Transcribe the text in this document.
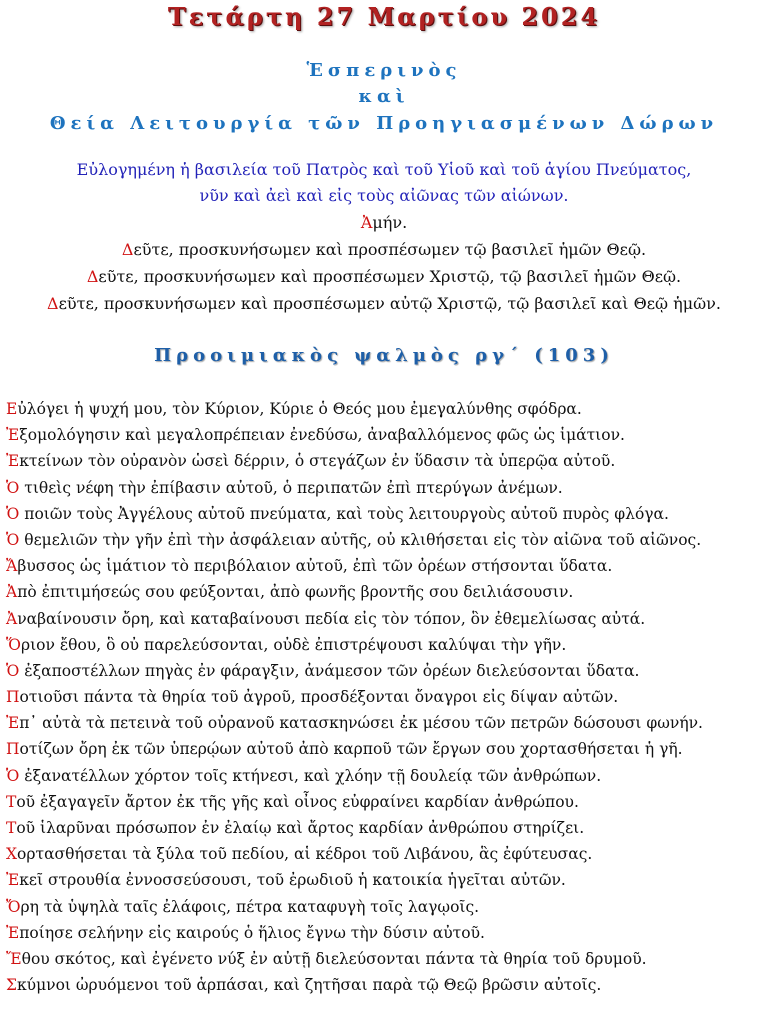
Τετάρτη 27 Μαρτίου 2024
Ἑσπερινὸς
καὶ
Θεία Λειτουργία τῶν Προηγιασμένων Δώρων
Εὐλογημένη ἡ βασιλεία τοῦ Πατρὸς καὶ τοῦ Υἱοῦ καὶ τοῦ ἁγίου Πνεύματος,
νῦν καὶ ἀεὶ καὶ εἰς τοὺς αἰῶνας τῶν αἰώνων.
Ἀμήν.
Δεῦτε, προσκυνήσωμεν καὶ προσπέσωμεν τῷ βασιλεῖ ἡμῶν Θεῷ.
Δεῦτε, προσκυνήσωμεν καὶ προσπέσωμεν Χριστῷ, τῷ βασιλεῖ ἡμῶν Θεῷ.
Δεῦτε, προσκυνήσωμεν καὶ προσπέσωμεν αὐτῷ Χριστῷ, τῷ βασιλεῖ καὶ Θεῷ ἡμῶν.
Προοιμιακὸς ψαλμὸς ργ´ (103)
Εὐλόγει ἡ ψυχή μου, τὸν Κύριον, Κύριε ὁ Θεός μου ἐμεγαλύνθης σφόδρα.
Ἐξομολόγησιν καὶ μεγαλοπρέπειαν ἐνεδύσω, ἀναβαλλόμενος φῶς ὡς ἱμάτιον.
Ἐκτείνων τὸν οὐρανὸν ὡσεὶ δέρριν, ὁ στεγάζων ἐν ὕδασιν τὰ ὑπερῷα αὐτοῦ.
Ὁ τιθεὶς νέφη τὴν ἐπίβασιν αὐτοῦ, ὁ περιπατῶν ἐπὶ πτερύγων ἀνέμων.
Ὁ ποιῶν τοὺς Ἀγγέλους αὐτοῦ πνεύματα, καὶ τοὺς λειτουργοὺς αὐτοῦ πυρὸς φλόγα.
Ὁ θεμελιῶν τὴν γῆν ἐπὶ τὴν ἀσφάλειαν αὐτῆς, οὐ κλιθήσεται εἰς τὸν αἰῶνα τοῦ αἰῶνος.
Ἄβυσσος ὡς ἱμάτιον τὸ περιβόλαιον αὐτοῦ, ἐπὶ τῶν ὀρέων στήσονται ὕδατα.
Ἀπὸ ἐπιτιμήσεώς σου φεύξονται, ἀπὸ φωνῆς βροντῆς σου δειλιάσουσιν.
Ἀναβαίνουσιν ὄρη, καὶ καταβαίνουσι πεδία εἰς τὸν τόπον, ὃν ἐθεμελίωσας αὐτά.
Ὅριον ἔθου, ὃ οὐ παρελεύσονται, οὐδὲ ἐπιστρέψουσι καλύψαι τὴν γῆν.
Ὁ ἐξαποστέλλων πηγὰς ἐν φάραγξιν, ἀνάμεσον τῶν ὀρέων διελεύσονται ὕδατα.
Ποτιοῦσι πάντα τὰ θηρία τοῦ ἀγροῦ, προσδέξονται ὄναγροι εἰς δίψαν αὐτῶν.
Ἐπ᾽ αὐτὰ τὰ πετεινὰ τοῦ οὐρανοῦ κατασκηνώσει ἐκ μέσου τῶν πετρῶν δώσουσι φωνήν.
Ποτίζων ὄρη ἐκ τῶν ὑπερῴων αὐτοῦ ἀπὸ καρποῦ τῶν ἔργων σου χορτασθήσεται ἡ γῆ.
Ὁ ἐξανατέλλων χόρτον τοῖς κτήνεσι, καὶ χλόην τῇ δουλείᾳ τῶν ἀνθρώπων.
Τοῦ ἐξαγαγεῖν ἄρτον ἐκ τῆς γῆς καὶ οἶνος εὐφραίνει καρδίαν ἀνθρώπου.
Τοῦ ἱλαρῦναι πρόσωπον ἐν ἐλαίῳ καὶ ἄρτος καρδίαν ἀνθρώπου στηρίζει.
Χορτασθήσεται τὰ ξύλα τοῦ πεδίου, αἱ κέδροι τοῦ Λιβάνου, ἃς ἐφύτευσας.
Ἐκεῖ στρουθία ἐννοσσεύσουσι, τοῦ ἐρωδιοῦ ἡ κατοικία ἡγεῖται αὐτῶν.
Ὄρη τὰ ὑψηλὰ ταῖς ἐλάφοις, πέτρα καταφυγὴ τοῖς λαγῳοῖς.
Ἐποίησε σελήνην εἰς καιρούς ὁ ἥλιος ἔγνω τὴν δύσιν αὐτοῦ.
Ἔθου σκότος, καὶ ἐγένετο νύξ ἐν αὐτῇ διελεύσονται πάντα τὰ θηρία τοῦ δρυμοῦ.
Σκύμνοι ὠρυόμενοι τοῦ ἁρπάσαι, καὶ ζητῆσαι παρὰ τῷ Θεῷ βρῶσιν αὐτοῖς.
